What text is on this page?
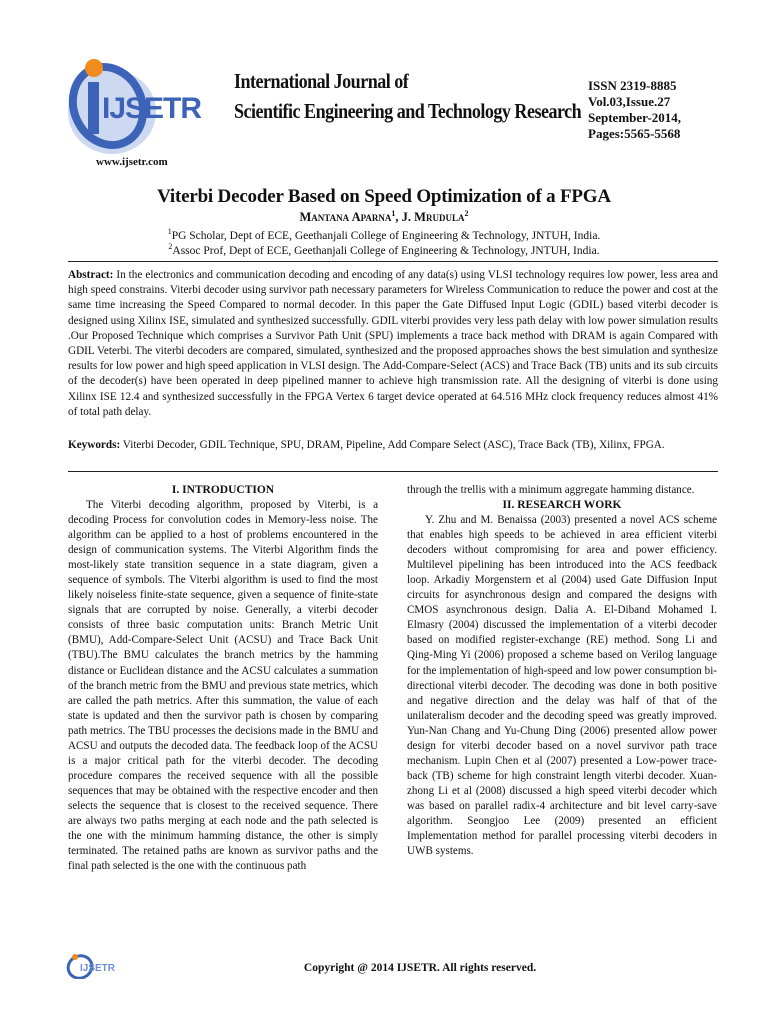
IJSETR
International Journal of
Scientific Engineering and Technology Research
ISSN 2319-8885
Vol.03,Issue.27
September-2014,
Pages:5565-5568
www.ijsetr.com
Viterbi Decoder Based on Speed Optimization of a FPGA
Mantana Aparna$^1$, J. Mrudula$^2$
$^1$PG Scholar, Dept of ECE, Geethanjali College of Engineering & Technology, JNTUH, India.
$^2$Assoc Prof, Dept of ECE, Geethanjali College of Engineering & Technology, JNTUH, India.
Abstract: In the electronics and communication decoding and encoding of any data(s) using VLSI technology requires low power, less area and high speed constrains. Viterbi decoder using survivor path necessary parameters for Wireless Communication to reduce the power and cost at the same time increasing the Speed Compared to normal decoder. In this paper the Gate Diffused Input Logic (GDIL) based viterbi decoder is designed using Xilinx ISE, simulated and synthesized successfully. GDIL viterbi provides very less path delay with low power simulation results .Our Proposed Technique which comprises a Survivor Path Unit (SPU) implements a trace back method with DRAM is again Compared with GDIL Veterbi. The viterbi decoders are compared, simulated, synthesized and the proposed approaches shows the best simulation and synthesize results for low power and high speed application in VLSI design. The Add-Compare-Select (ACS) and Trace Back (TB) units and its sub circuits of the decoder(s) have been operated in deep pipelined manner to achieve high transmission rate. All the designing of viterbi is done using Xilinx ISE 12.4 and synthesized successfully in the FPGA Vertex 6 target device operated at 64.516 MHz clock frequency reduces almost 41% of total path delay.
Keywords: Viterbi Decoder, GDIL Technique, SPU, DRAM, Pipeline, Add Compare Select (ASC), Trace Back (TB), Xilinx, FPGA.
I. INTRODUCTION

The Viterbi decoding algorithm, proposed by Viterbi, is a decoding Process for convolution codes in Memory-less noise. The algorithm can be applied to a host of problems encountered in the design of communication systems. The Viterbi Algorithm finds the most-likely state transition sequence in a state diagram, given a sequence of symbols. The Viterbi algorithm is used to find the most likely noiseless finite-state sequence, given a sequence of finite-state signals that are corrupted by noise. Generally, a viterbi decoder consists of three basic computation units: Branch Metric Unit (BMU), Add-Compare-Select Unit (ACSU) and Trace Back Unit (TBU).The BMU calculates the branch metrics by the hamming distance or Euclidean distance and the ACSU calculates a summation of the branch metric from the BMU and previous state metrics, which are called the path metrics. After this summation, the value of each state is updated and then the survivor path is chosen by comparing path metrics. The TBU processes the decisions made in the BMU and ACSU and outputs the decoded data. The feedback loop of the ACSU is a major critical path for the viterbi decoder. The decoding procedure compares the received sequence with all the possible sequences that may be obtained with the respective encoder and then selects the sequence that is closest to the received sequence. There are always two paths merging at each node and the path selected is the one with the minimum hamming distance, the other is simply terminated. The retained paths are known as survivor paths and the final path selected is the one with the continuous path

through the trellis with a minimum aggregate hamming distance.

II. RESEARCH WORK

Y. Zhu and M. Benaissa (2003) presented a novel ACS scheme that enables high speeds to be achieved in area efficient viterbi decoders without compromising for area and power efficiency. Multilevel pipelining has been introduced into the ACS feedback loop. Arkadiy Morgenstern et al (2004) used Gate Diffusion Input circuits for asynchronous design and compared the designs with CMOS asynchronous design. Dalia A. El-Diband Mohamed I. Elmasry (2004) discussed the implementation of a viterbi decoder based on modified register-exchange (RE) method. Song Li and Qing-Ming Yi (2006) proposed a scheme based on Verilog language for the implementation of high-speed and low power consumption bi-directional viterbi decoder. The decoding was done in both positive and negative direction and the delay was half of that of the unilateralism decoder and the decoding speed was greatly improved. Yun-Nan Chang and Yu-Chung Ding (2006) presented allow power design for viterbi decoder based on a novel survivor path trace mechanism. Lupin Chen et al (2007) presented a Low-power trace-back (TB) scheme for high constraint length viterbi decoder. Xuan-zhong Li et al (2008) discussed a high speed viterbi decoder which was based on parallel radix-4 architecture and bit level carry-save algorithm. Seongjoo Lee (2009) presented an efficient Implementation method for parallel processing viterbi decoders in UWB systems.

IJSETR	Copyright @ 2014 IJSETR. All rights reserved.
